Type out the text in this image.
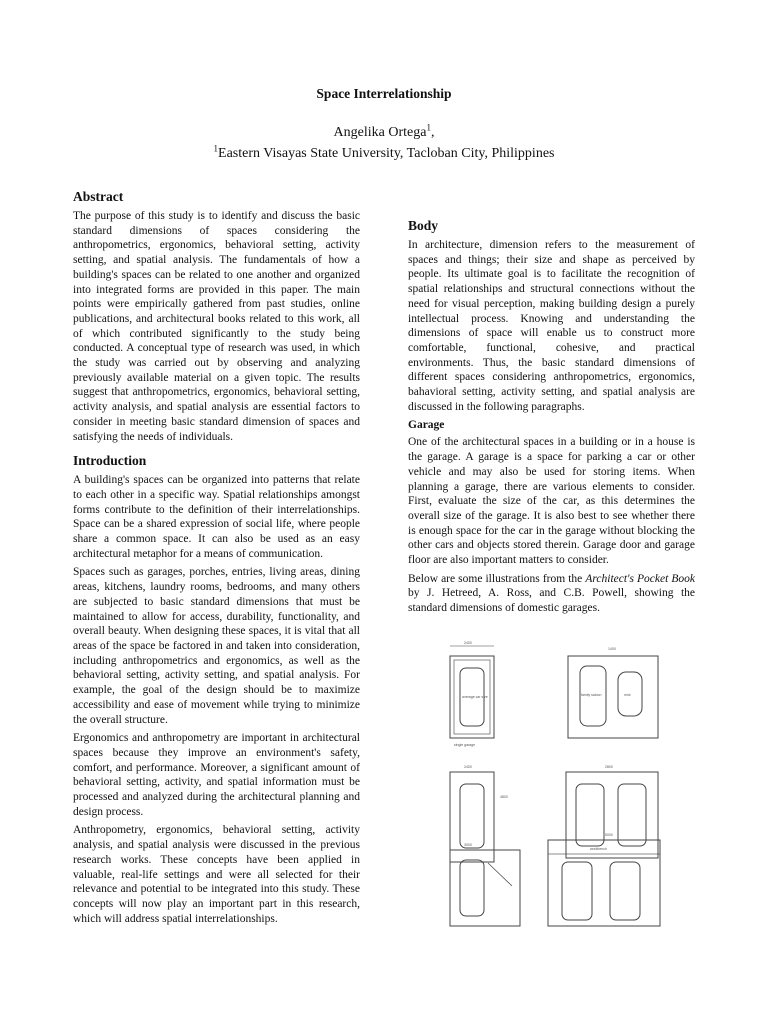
Space Interrelationship
Angelika Ortega$^1$,
$^1$Eastern Visayas State University, Tacloban City, Philippines
Abstract

The purpose of this study is to identify and discuss the basic standard dimensions of spaces considering the anthropometrics, ergonomics, behavioral setting, activity setting, and spatial analysis. The fundamentals of how a building's spaces can be related to one another and organized into integrated forms are provided in this paper. The main points were empirically gathered from past studies, online publications, and architectural books related to this work, all of which contributed significantly to the study being conducted. A conceptual type of research was used, in which the study was carried out by observing and analyzing previously available material on a given topic. The results suggest that anthropometrics, ergonomics, behavioral setting, activity analysis, and spatial analysis are essential factors to consider in meeting basic standard dimension of spaces and satisfying the needs of individuals.

Introduction

A building's spaces can be organized into patterns that relate to each other in a specific way. Spatial relationships amongst forms contribute to the definition of their interrelationships. Space can be a shared expression of social life, where people share a common space. It can also be used as an easy architectural metaphor for a means of communication.

Spaces such as garages, porches, entries, living areas, dining areas, kitchens, laundry rooms, bedrooms, and many others are subjected to basic standard dimensions that must be maintained to allow for access, durability, functionality, and overall beauty. When designing these spaces, it is vital that all areas of the space be factored in and taken into consideration, including anthropometrics and ergonomics, as well as the behavioral setting, activity setting, and spatial analysis. For example, the goal of the design should be to maximize accessibility and ease of movement while trying to minimize the overall structure.

Ergonomics and anthropometry are important in architectural spaces because they improve an environment's safety, comfort, and performance. Moreover, a significant amount of behavioral setting, activity, and spatial information must be processed and analyzed during the architectural planning and design process.

Anthropometry, ergonomics, behavioral setting, activity analysis, and spatial analysis were discussed in the previous research works. These concepts have been applied in valuable, real-life settings and were all selected for their relevance and potential to be integrated into this study. These concepts will now play an important part in this research, which will address spatial interrelationships.

Body

In architecture, dimension refers to the measurement of spaces and things; their size and shape as perceived by people. Its ultimate goal is to facilitate the recognition of spatial relationships and structural connections without the need for visual perception, making building design a purely intellectual process. Knowing and understanding the dimensions of space will enable us to construct more comfortable, functional, cohesive, and practical environments. Thus, the basic standard dimensions of different spaces considering anthropometrics, ergonomics, bahavioral setting, activity setting, and spatial analysis are discussed in the following paragraphs.

Garage

One of the architectural spaces in a building or in a house is the garage. A garage is a space for parking a car or other vehicle and may also be used for storing items. When planning a garage, there are various elements to consider. First, evaluate the size of the car, as this determines the overall size of the garage. It is also best to see whether there is enough space for the car in the garage without blocking the other cars and objects stored therein. Garage door and garage floor are also important matters to consider.

Below are some illustrations from the Architect's Pocket Book by J. Hetreed, A. Ross, and C.B. Powell, showing the standard dimensions of domestic garages.

2400
1400
2400
4800
2800
3000
5000
average car size	family saloon	mini
workbench
single garage
